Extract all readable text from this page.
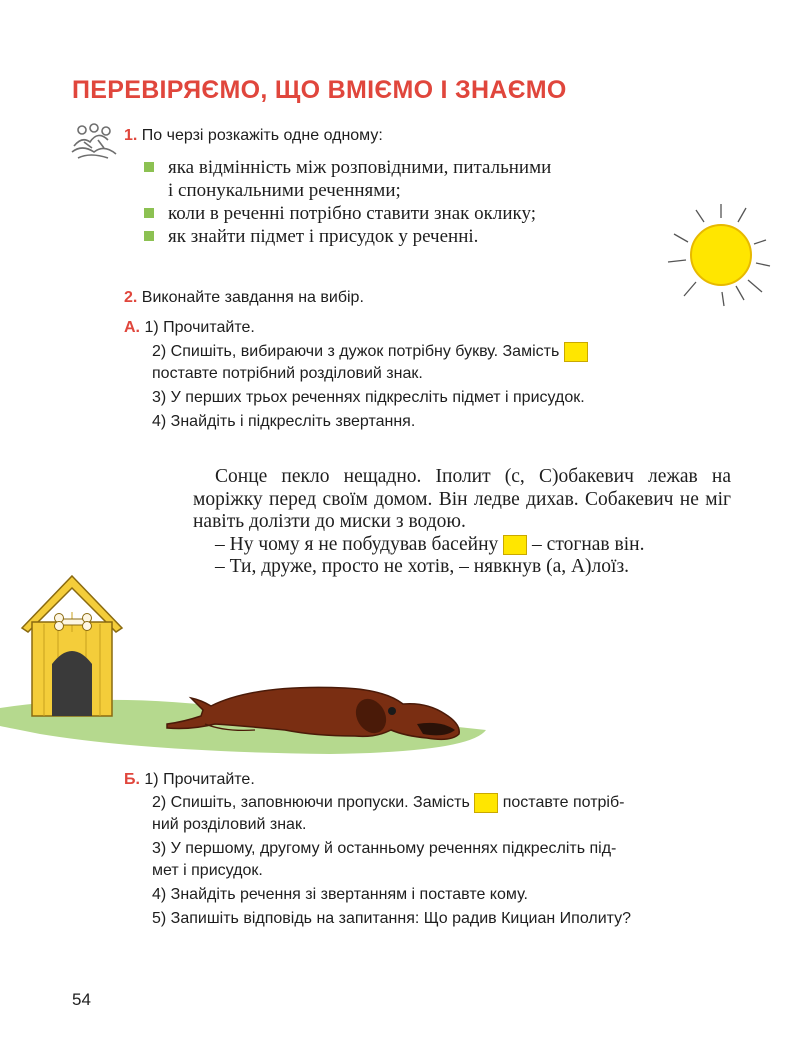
ПЕРЕВІРЯЄМО, ЩО ВМІЄМО І ЗНАЄМО
1. По черзі розкажіть одне одному:
яка відмінність між розповідними, питальними
і спонукальними реченнями;
коли в реченні потрібно ставити знак оклику;
як знайти підмет і присудок у реченні.
2. Виконайте завдання на вибір.
А. 1) Прочитайте.
2) Спишіть, вибираючи з дужок потрібну букву. Замість
поставте потрібний розділовий знак.
3) У перших трьох реченнях підкресліть підмет і присудок.
4) Знайдіть і підкресліть звертання.

Сонце пекло нещадно. Іполит (с, С)обакевич лежав на моріжку перед своїм домом. Він ледве дихав. Собакевич не міг навіть долізти до миски з водою.

– Ну чому я не побудував басейну – стогнав він.

– Ти, друже, просто не хотів, – нявкнув (а, А)лоїз.

Б. 1) Прочитайте.
2) Спишіть, заповнюючи пропуски. Замість поставте потріб-
ний розділовий знак.
3) У першому, другому й останньому реченнях підкресліть під-
мет і присудок.
4) Знайдіть речення зі звертанням і поставте кому.
5) Запишіть відповідь на запитання: Що радив Кициан Иполиту?
54
